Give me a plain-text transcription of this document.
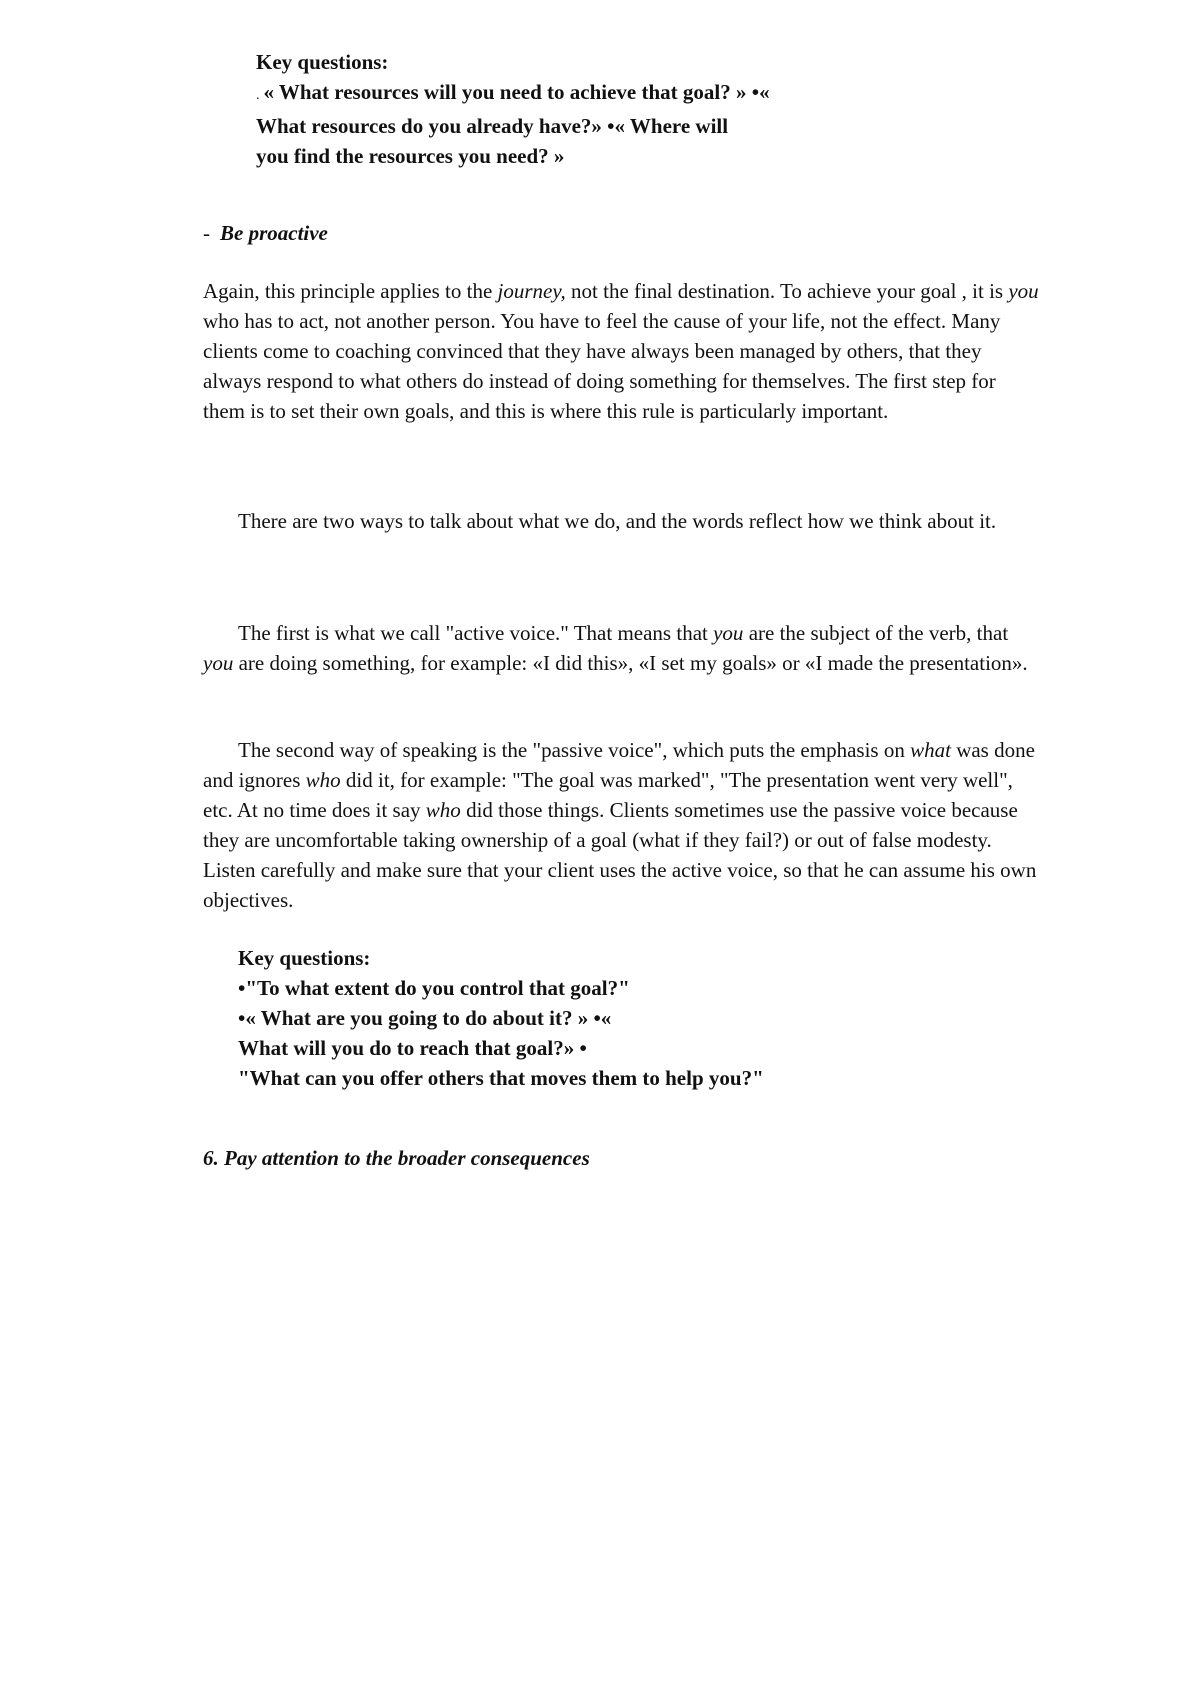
Key questions:
. « What resources will you need to achieve that goal? » •«
What resources do you already have?» •« Where will
you find the resources you need? »
- Be proactive

Again, this principle applies to the journey, not the final destination. To achieve your goal , it is you who has to act, not another person. You have to feel the cause of your life, not the effect. Many clients come to coaching convinced that they have always been managed by others, that they always respond to what others do instead of doing something for themselves. The first step for them is to set their own goals, and this is where this rule is particularly important.

There are two ways to talk about what we do, and the words reflect how we think about it.

The first is what we call "active voice." That means that you are the subject of the verb, that you are doing something, for example: «I did this», «I set my goals» or «I made the presentation».

The second way of speaking is the "passive voice", which puts the emphasis on what was done and ignores who did it, for example: "The goal was marked", "The presentation went very well", etc. At no time does it say who did those things. Clients sometimes use the passive voice because they are uncomfortable taking ownership of a goal (what if they fail?) or out of false modesty. Listen carefully and make sure that your client uses the active voice, so that he can assume his own objectives.

Key questions:
•"To what extent do you control that goal?"
•« What are you going to do about it? » •«
What will you do to reach that goal?» •
"What can you offer others that moves them to help you?"
6. Pay attention to the broader consequences
